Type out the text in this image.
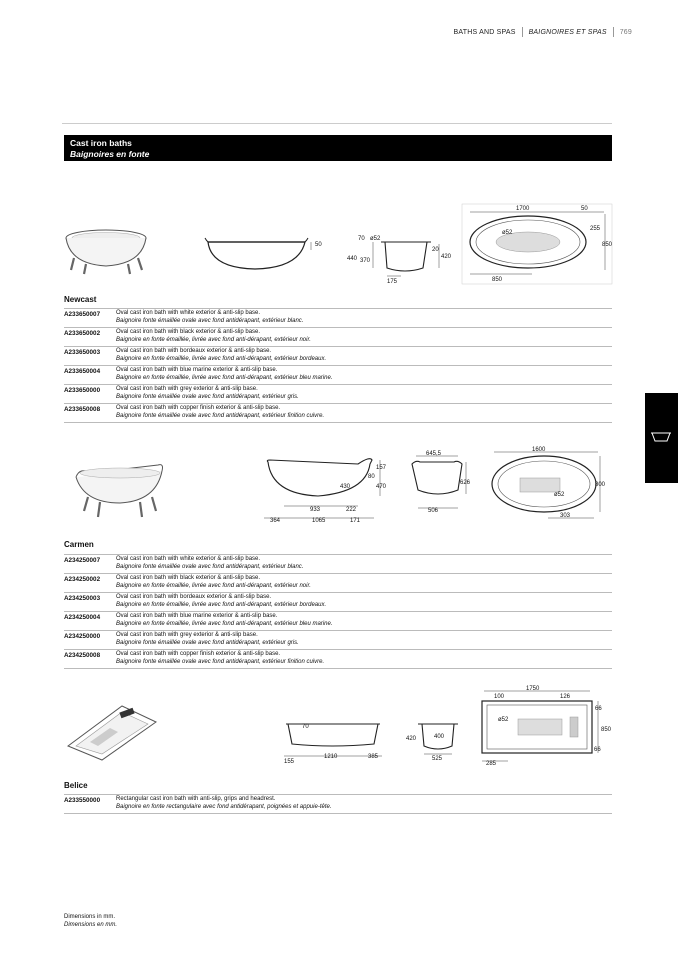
BATHS AND SPAS BAIGNOIRES ET SPAS 769
Cast iron baths
Baignoires en fonte
50
440 370
70 ø52
20
420
175
1700	50
255
850
ø52
850
Newcast
A233650007	Oval cast iron bath with white exterior & anti-slip base.
Baignoire fonte émaillée ovale avec fond antidérapant, extérieur blanc.
A233650002	Oval cast iron bath with black exterior & anti-slip base.
Baignoire en fonte émaillée, livrée avec fond anti-dérapant, extérieur noir.
A233650003	Oval cast iron bath with bordeaux exterior & anti-slip base.
Baignoire en fonte émaillée, livrée avec fond anti-dérapant, extérieur bordeaux.
A233650004	Oval cast iron bath with blue marine exterior & anti-slip base.
Baignoire en fonte émaillée, livrée avec fond anti-dérapant, extérieur bleu marine.
A233650000	Oval cast iron bath with grey exterior & anti-slip base.
Baignoire fonte émaillée ovale avec fond antidérapant, extérieur gris.
A233650008	Oval cast iron bath with copper finish exterior & anti-slip base.
Baignoire fonte émaillée ovale avec fond antidérapant, extérieur finition cuivre.
157
80
430	470
933	222
364	1065	171
645,5
626
506
1600
ø52
800
303
Carmen
A234250007	Oval cast iron bath with white exterior & anti-slip base.
Baignoire fonte émaillée ovale avec fond antidérapant, extérieur blanc.
A234250002	Oval cast iron bath with black exterior & anti-slip base.
Baignoire en fonte émaillée, livrée avec fond anti-dérapant, extérieur noir.
A234250003	Oval cast iron bath with bordeaux exterior & anti-slip base.
Baignoire en fonte émaillée, livrée avec fond anti-dérapant, extérieur bordeaux.
A234250004	Oval cast iron bath with blue marine exterior & anti-slip base.
Baignoire en fonte émaillée, livrée avec fond anti-dérapant, extérieur bleu marine.
A234250000	Oval cast iron bath with grey exterior & anti-slip base.
Baignoire fonte émaillée ovale avec fond antidérapant, extérieur gris.
A234250008	Oval cast iron bath with copper finish exterior & anti-slip base.
Baignoire fonte émaillée ovale avec fond antidérapant, extérieur finition cuivre.
70
155
1210	385
420	400
525
1750
100	126
66
ø52
850
66
285
Belice
A233550000	Rectangular cast iron bath with anti-slip, grips and headrest.
Baignoire en fonte rectangulaire avec fond antidérapant, poignées et appuie-tête.
Dimensions in mm.
Dimensions en mm.
